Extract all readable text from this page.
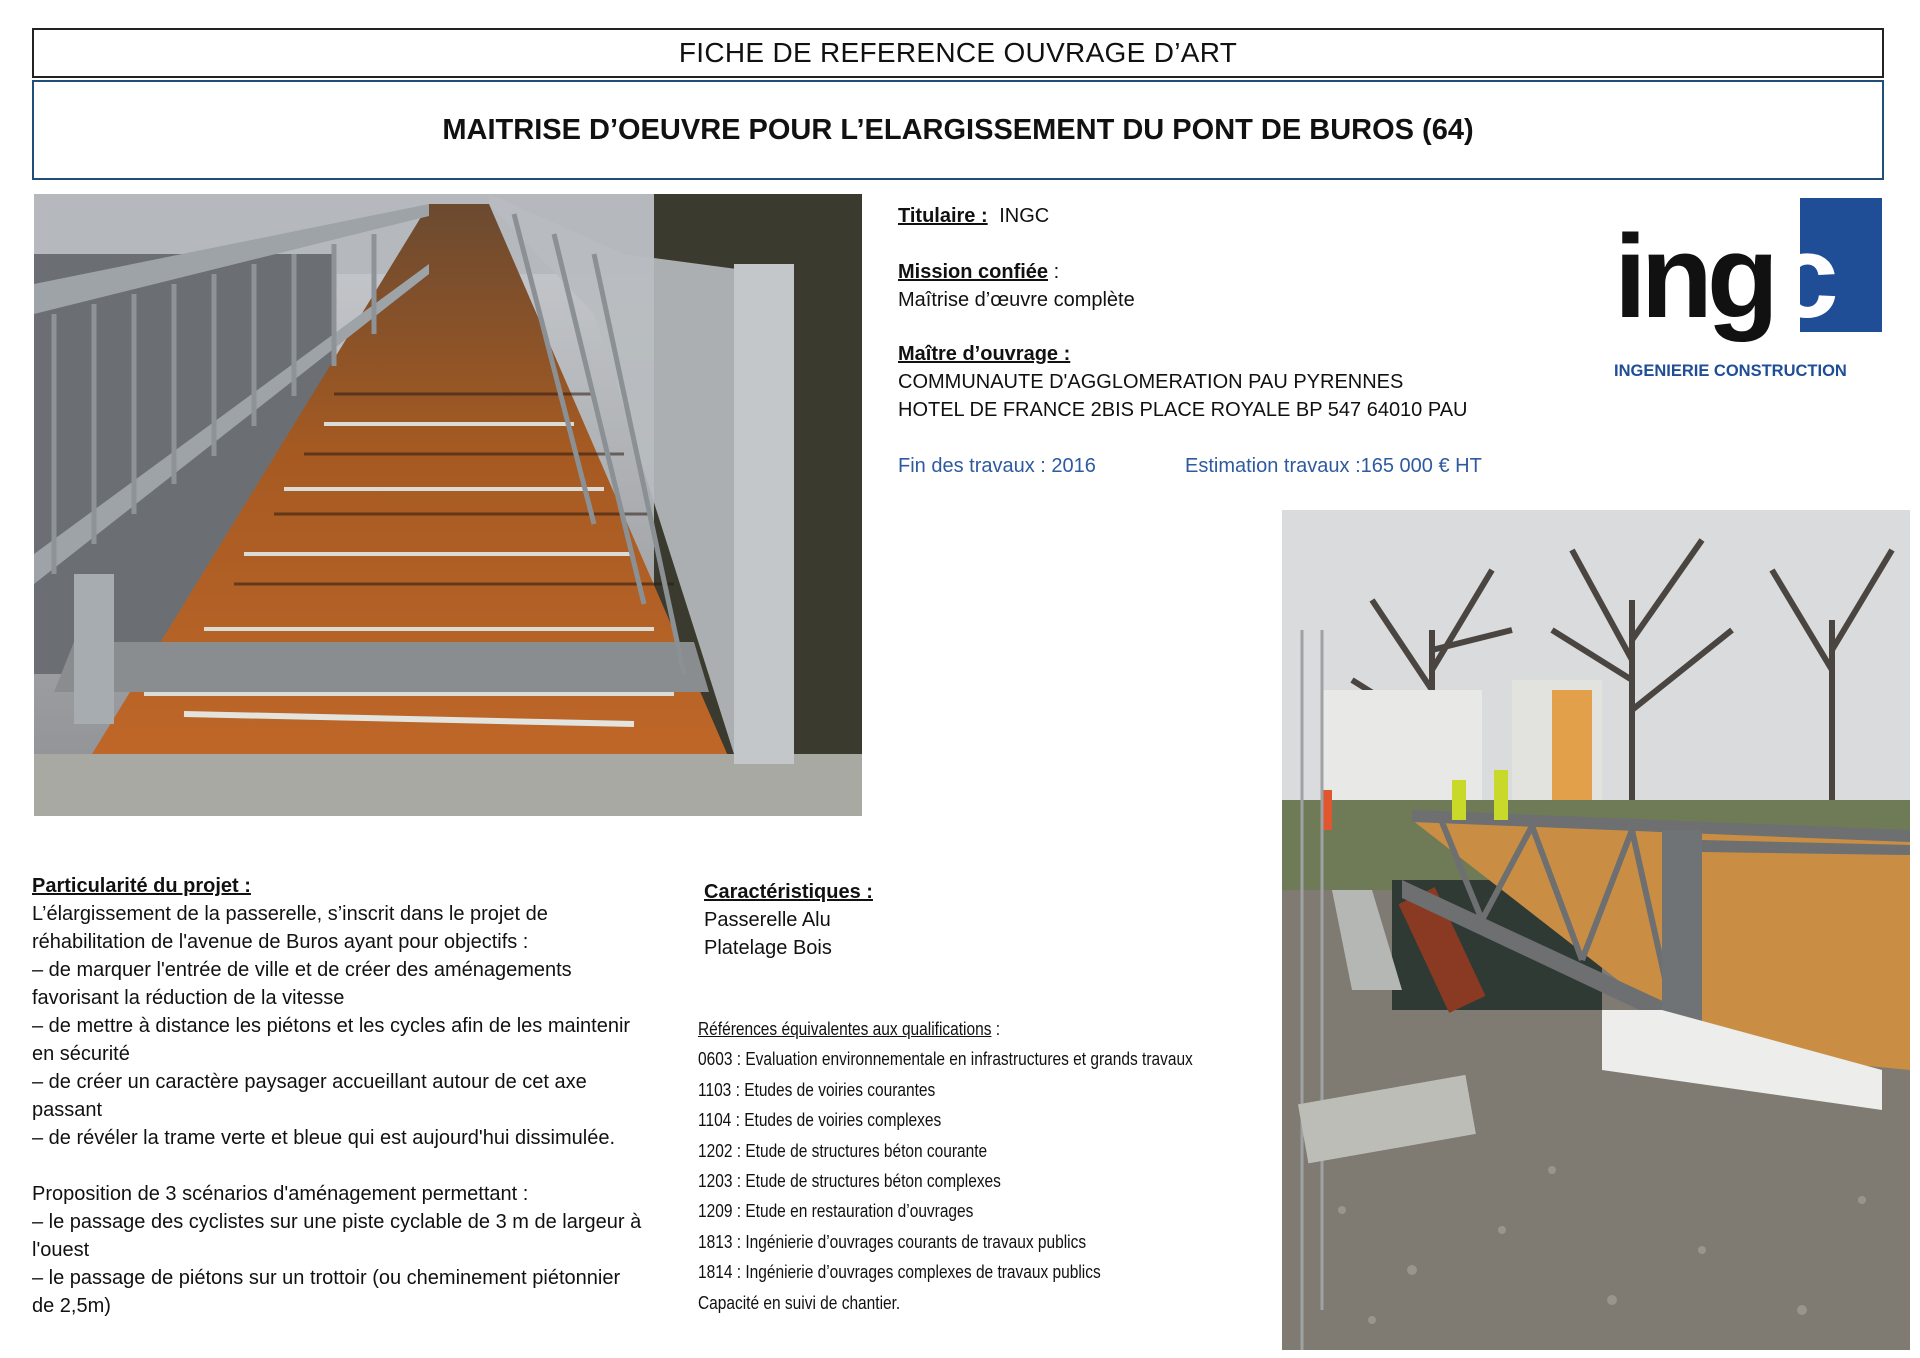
FICHE DE REFERENCE OUVRAGE D’ART
MAITRISE D’OEUVRE POUR L’ELARGISSEMENT DU PONT DE BUROS (64)
Titulaire : INGC
Mission confiée :
Maîtrise d’œuvre complète
Maître d’ouvrage :
COMMUNAUTE D'AGGLOMERATION PAU PYRENNES
HOTEL DE FRANCE 2BIS PLACE ROYALE BP 547 64010 PAU
Fin des travaux : 2016	Estimation travaux :165 000 € HT
ingc
INGENIERIE CONSTRUCTION
Particularité du projet :
L’élargissement de la passerelle, s’inscrit dans le projet de
réhabilitation de l'avenue de Buros ayant pour objectifs :
– de marquer l'entrée de ville et de créer des aménagements
favorisant la réduction de la vitesse
– de mettre à distance les piétons et les cycles afin de les maintenir
en sécurité
– de créer un caractère paysager accueillant autour de cet axe
passant
– de révéler la trame verte et bleue qui est aujourd'hui dissimulée.
Proposition de 3 scénarios d'aménagement permettant :
– le passage des cyclistes sur une piste cyclable de 3 m de largeur à
l'ouest
– le passage de piétons sur un trottoir (ou cheminement piétonnier
de 2,5m)
Caractéristiques :
Passerelle Alu
Platelage Bois
Références équivalentes aux qualifications :
0603 : Evaluation environnementale en infrastructures et grands travaux
1103 : Etudes de voiries courantes
1104 : Etudes de voiries complexes
1202 : Etude de structures béton courante
1203 : Etude de structures béton complexes
1209 : Etude en restauration d’ouvrages
1813 : Ingénierie d’ouvrages courants de travaux publics
1814 : Ingénierie d’ouvrages complexes de travaux publics
Capacité en suivi de chantier.
